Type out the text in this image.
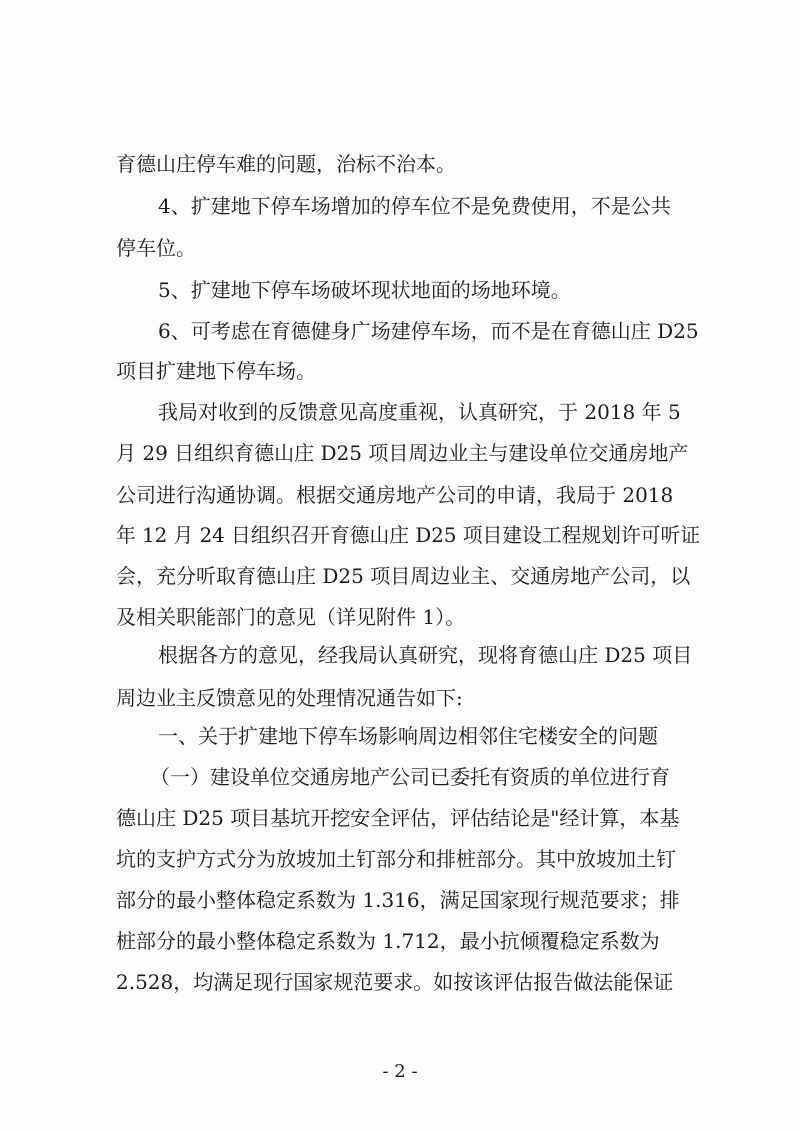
育德山庄停车难的问题，治标不治本。
4、扩建地下停车场增加的停车位不是免费使用，不是公共
停车位。
5、扩建地下停车场破坏现状地面的场地环境。
6、可考虑在育德健身广场建停车场，而不是在育德山庄 D25
项目扩建地下停车场。
我局对收到的反馈意见高度重视，认真研究，于 2018 年 5
月 29 日组织育德山庄 D25 项目周边业主与建设单位交通房地产
公司进行沟通协调。根据交通房地产公司的申请，我局于 2018
年 12 月 24 日组织召开育德山庄 D25 项目建设工程规划许可听证
会，充分听取育德山庄 D25 项目周边业主、交通房地产公司，以
及相关职能部门的意见（详见附件 1）。
根据各方的意见，经我局认真研究，现将育德山庄 D25 项目
周边业主反馈意见的处理情况通告如下:
一、关于扩建地下停车场影响周边相邻住宅楼安全的问题
（一）建设单位交通房地产公司已委托有资质的单位进行育
德山庄 D25 项目基坑开挖安全评估，评估结论是"经计算，本基
坑的支护方式分为放坡加土钉部分和排桩部分。其中放坡加土钉
部分的最小整体稳定系数为 1.316，满足国家现行规范要求；排
桩部分的最小整体稳定系数为 1.712，最小抗倾覆稳定系数为
2.528，均满足现行国家规范要求。如按该评估报告做法能保证
- 2 -
